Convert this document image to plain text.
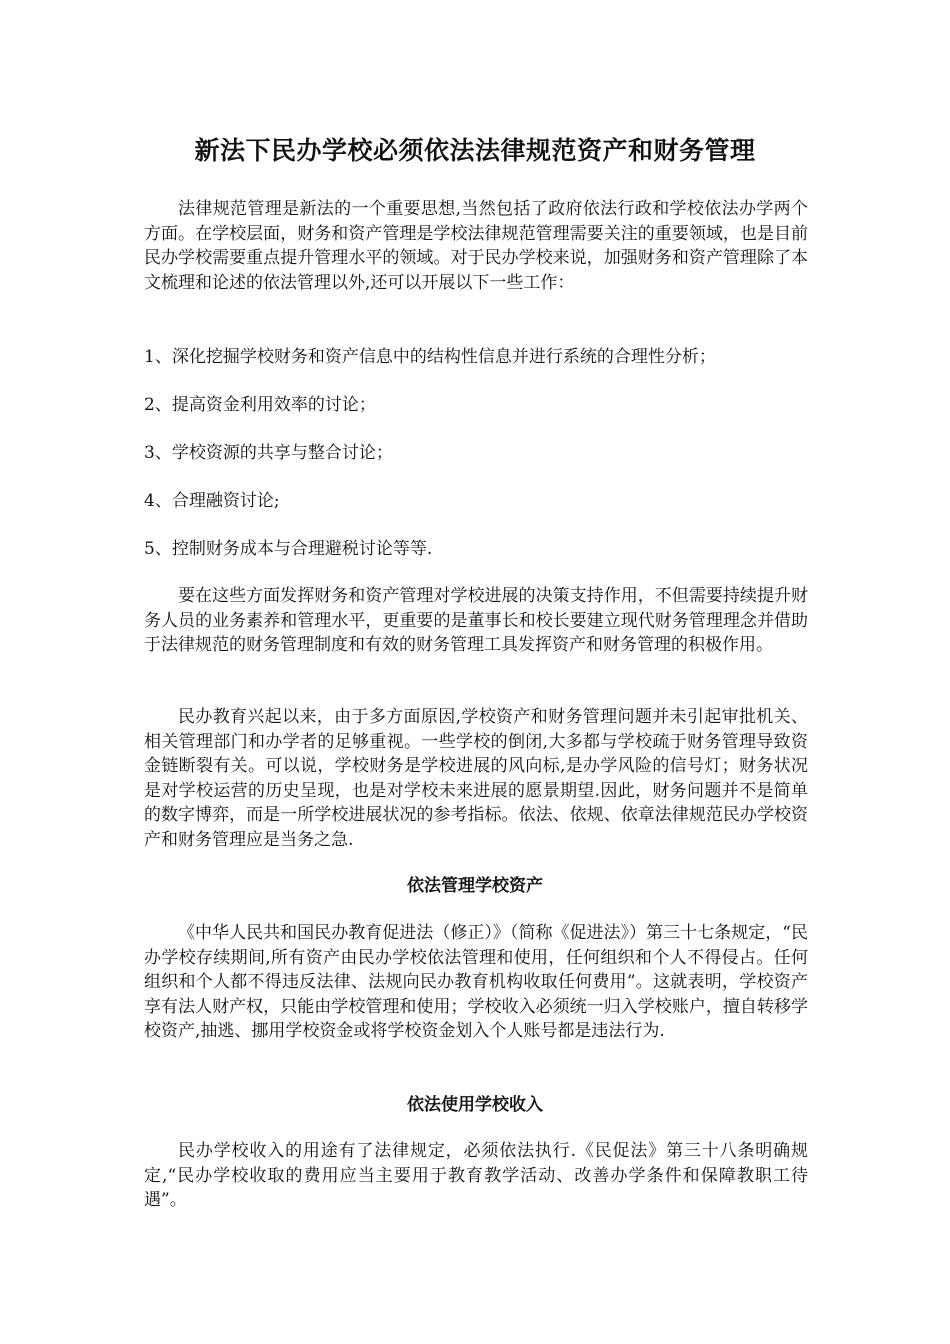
新法下民办学校必须依法法律规范资产和财务管理

法律规范管理是新法的一个重要思想,当然包括了政府依法行政和学校依法办学两个方面。在学校层面，财务和资产管理是学校法律规范管理需要关注的重要领域，也是目前民办学校需要重点提升管理水平的领域。对于民办学校来说，加强财务和资产管理除了本文梳理和论述的依法管理以外,还可以开展以下一些工作：

1、深化挖掘学校财务和资产信息中的结构性信息并进行系统的合理性分析；

2、提高资金利用效率的讨论；

3、学校资源的共享与整合讨论；

4、合理融资讨论;

5、控制财务成本与合理避税讨论等等.

要在这些方面发挥财务和资产管理对学校进展的决策支持作用，不但需要持续提升财务人员的业务素养和管理水平，更重要的是董事长和校长要建立现代财务管理理念并借助于法律规范的财务管理制度和有效的财务管理工具发挥资产和财务管理的积极作用。

民办教育兴起以来，由于多方面原因,学校资产和财务管理问题并未引起审批机关、相关管理部门和办学者的足够重视。一些学校的倒闭,大多都与学校疏于财务管理导致资金链断裂有关。可以说，学校财务是学校进展的风向标,是办学风险的信号灯；财务状况是对学校运营的历史呈现，也是对学校未来进展的愿景期望.因此，财务问题并不是简单的数字博弈，而是一所学校进展状况的参考指标。依法、依规、依章法律规范民办学校资产和财务管理应是当务之急.

依法管理学校资产

《中华人民共和国民办教育促进法（修正）》（简称《促进法》）第三十七条规定，“民办学校存续期间,所有资产由民办学校依法管理和使用，任何组织和个人不得侵占。任何组织和个人都不得违反法律、法规向民办教育机构收取任何费用”。这就表明，学校资产享有法人财产权，只能由学校管理和使用；学校收入必须统一归入学校账户，擅自转移学校资产,抽逃、挪用学校资金或将学校资金划入个人账号都是违法行为.

依法使用学校收入

民办学校收入的用途有了法律规定，必须依法执行.《民促法》第三十八条明确规定,“民办学校收取的费用应当主要用于教育教学活动、改善办学条件和保障教职工待遇”。
